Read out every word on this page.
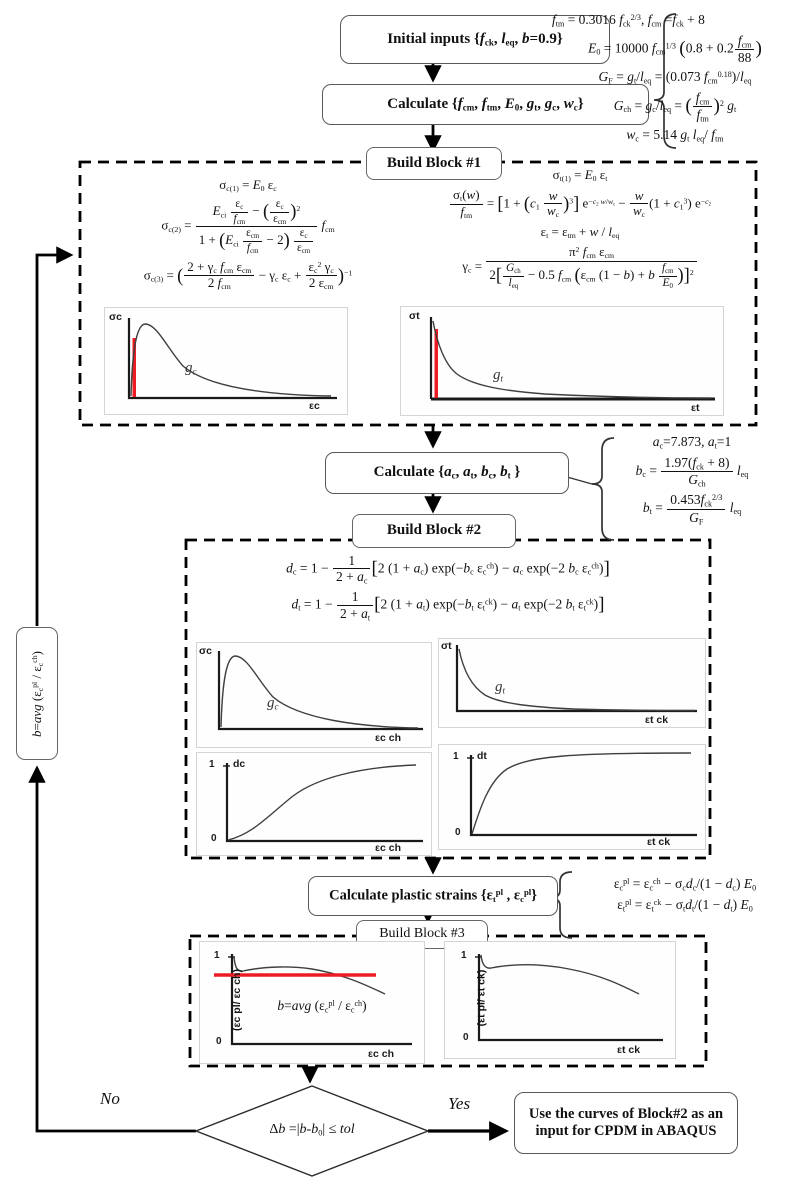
Initial inputs {$f_{ck}$, $l_{eq}$, b=0.9}
Calculate {$f_{cm}$, $f_{tm}$, $E_0$, $g_t$, $g_c$, $w_c$}
$f_{tm} = 0.3016$ $f_{ck}^{2/3}$, $f_{cm} =f_{ck} + 8$
$E_0 = 10000$ $f_{cm}^{1/3}$ (0.8 + 0.2 $f_{cm}$
88 )
$G_F = g_t/l_{eq} = (0.073$ $f_{cm}^{0.18})/l_{eq}$
$G_{ch} = g_c/l_{eq}$ = ( $f_{cm}$
$f_{tm}$
)$^2$ $g_t$
$w_c = 5.14$ $g_t$ $l_{eq}/$ $f_{tm}$
Build Block #1
$\sigma_{c(1)} = E_0$ $\varepsilon_c$
$\sigma_{c(2)}$ =
$E_{ci}$
$\varepsilon_c$
$f_{cm}$
− ( $\varepsilon_c$
$\varepsilon_{cm}$
)$^2$
$1 + (E_{ci}$
$\varepsilon_{cm}$
$f_{cm}$
− 2) $\varepsilon_c$
$\varepsilon_{cm}$
$f_{cm}$
$\sigma_{c(3)}$ = ( $2 + \gamma_c$ $f_{cm}$ $\varepsilon_{cm}$
2 $f_{cm}$
− $\gamma_c$ $\varepsilon_c$ +
$\varepsilon_c^2$ $\gamma_c$
2 $\varepsilon_{cm}$
)$^{-1}$
$\sigma_{t(1)} = E_0$ $\varepsilon_t$
$\sigma_t(w)$
$f_{tm}$
= $[1 + (c_1 \frac{w}{w_c} )^3]$ $e^{-c_2 w/w_c} - \frac{w}{w_c} (1 + c_1^3)$ $e^{-c_2}$
$\varepsilon_t = \varepsilon_{tm} + w / l_{eq}$
$\gamma_c$ =
$\pi^2$ $f_{cm}$ $\varepsilon_{cm}$
2[ $G_{ch}$
$l_{eq}$
− 0.5 $f_{cm}$ ($\varepsilon_{cm}$ (1 − b) + b $f_{cm}$
$E_0$
)]$^2$
σc
εc
$g_c$
σt
εt
$g_t$
Calculate {$a_c$, $a_t$, $b_c$, $b_t$ }
$a_c=7.873$, $a_t=1$
$b_c$ =
$1.97(f_{ck} + 8)$
$G_{ch}$
$l_{eq}$
$b_t$ =
$0.453f_{ck}^{2/3}$
$G_F$
$l_{eq}$
Build Block #2
$d_c = 1 - \frac{1}{2 + a_c} [2$ $(1 + a_c)$ $\exp(-b_c$ $\varepsilon_c^{ch}) - a_c$ exp(−2 $b_c$ $\varepsilon_c^{ch}$)]
$d_t = 1 - \frac{1}{2 + a_t} [2$ $(1 + a_t)$ $\exp(-b_t$ $\varepsilon_t^{ck}) - a_t$ exp(−2 $b_t$ $\varepsilon_t^{ck}$)]
σc
εc ch
$g_c$
σt
εt ck
$g_t$
1
0
dc
εc ch
1
0
dt
εt ck
Calculate plastic strains {$\varepsilon_t^{pl}$ , $\varepsilon_c^{pl}$}
$\varepsilon_c^{pl} = \varepsilon_c^{ch} - \sigma_cd_c/(1 - d_c)$ $E_0$
$\varepsilon_t^{pl} = \varepsilon_t^{ck} - \sigma_td_t/(1 - d_t)$ $E_0$
Build Block #3
1
0
(εc pl/ εc ch)
εc ch
b=avg $(\varepsilon_c^{pl} / \varepsilon_c^{ch})$
1
0
(εt pl/ εt ck)
εt ck
b=avg $(\varepsilon_c^{pl} / \varepsilon_c^{ch})$
$\Delta b =|b-b_0|$ ≤ tol
No	Yes
Use the curves of Block#2 as an input for CPDM in ABAQUS
